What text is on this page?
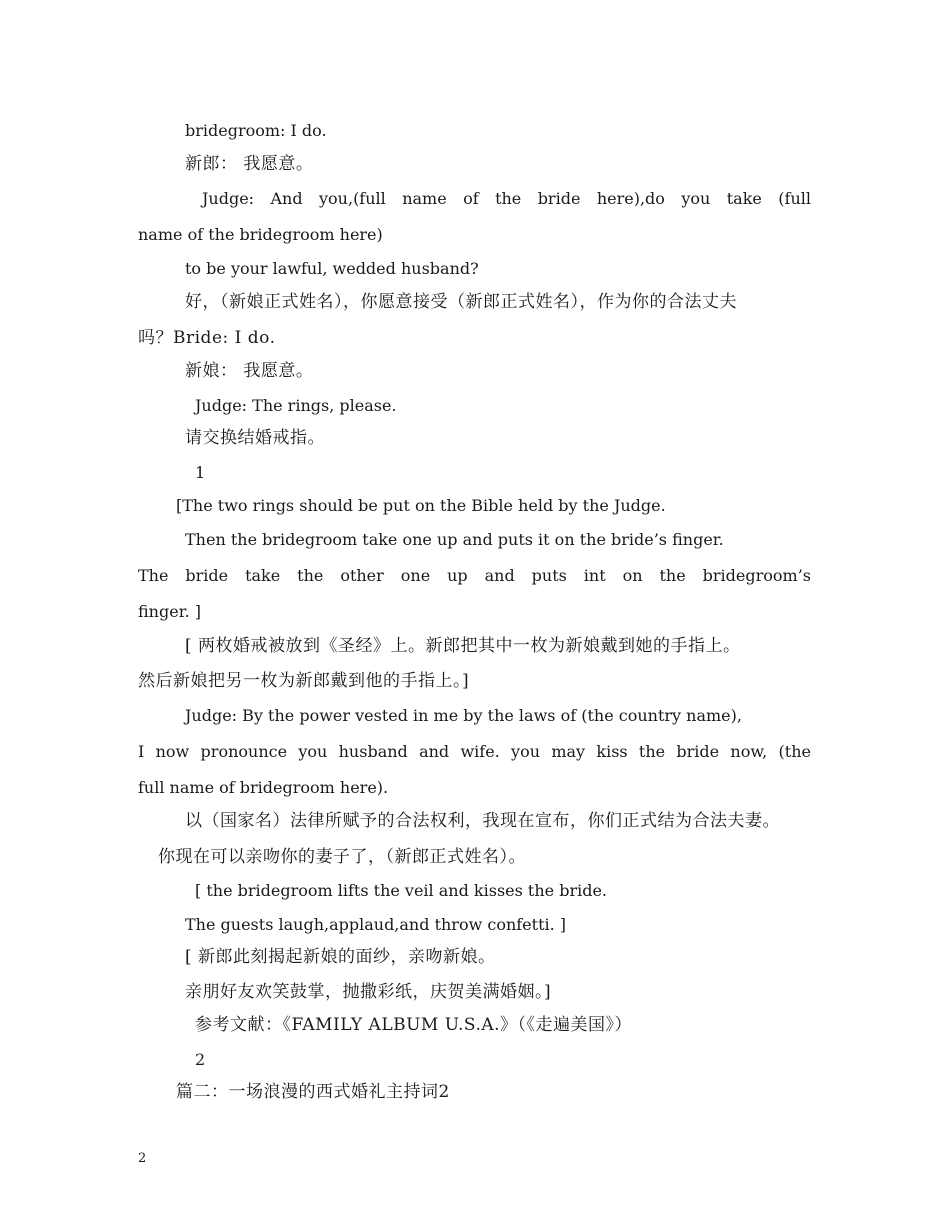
bridegroom: I do.
新郎： 我愿意。
Judge: And you,(full name of the bride here),do you take (full
name of the bridegroom here)
to be your lawful, wedded husband?
好，（新娘正式姓名），你愿意接受（新郎正式姓名），作为你的合法丈夫
吗？Bride: I do.
新娘： 我愿意。
Judge: The rings, please.
请交换结婚戒指。
1
[The two rings should be put on the Bible held by the Judge.
Then the bridegroom take one up and puts it on the bride’s finger.
The bride take the other one up and puts int on the bridegroom’s
finger. ]
[ 两枚婚戒被放到《圣经》上。新郎把其中一枚为新娘戴到她的手指上。
然后新娘把另一枚为新郎戴到他的手指上。]
Judge: By the power vested in me by the laws of (the country name),
I now pronounce you husband and wife. you may kiss the bride now, (the
full name of bridegroom here).
以（国家名）法律所赋予的合法权利，我现在宣布，你们正式结为合法夫妻。
你现在可以亲吻你的妻子了，（新郎正式姓名）。
[ the bridegroom lifts the veil and kisses the bride.
The guests laugh,applaud,and throw confetti. ]
[ 新郎此刻揭起新娘的面纱，亲吻新娘。
亲朋好友欢笑鼓掌，抛撒彩纸，庆贺美满婚姻。]
参考文献：《FAMILY ALBUM U.S.A.》（《走遍美国》）
2
篇二：一场浪漫的西式婚礼主持词2
2
